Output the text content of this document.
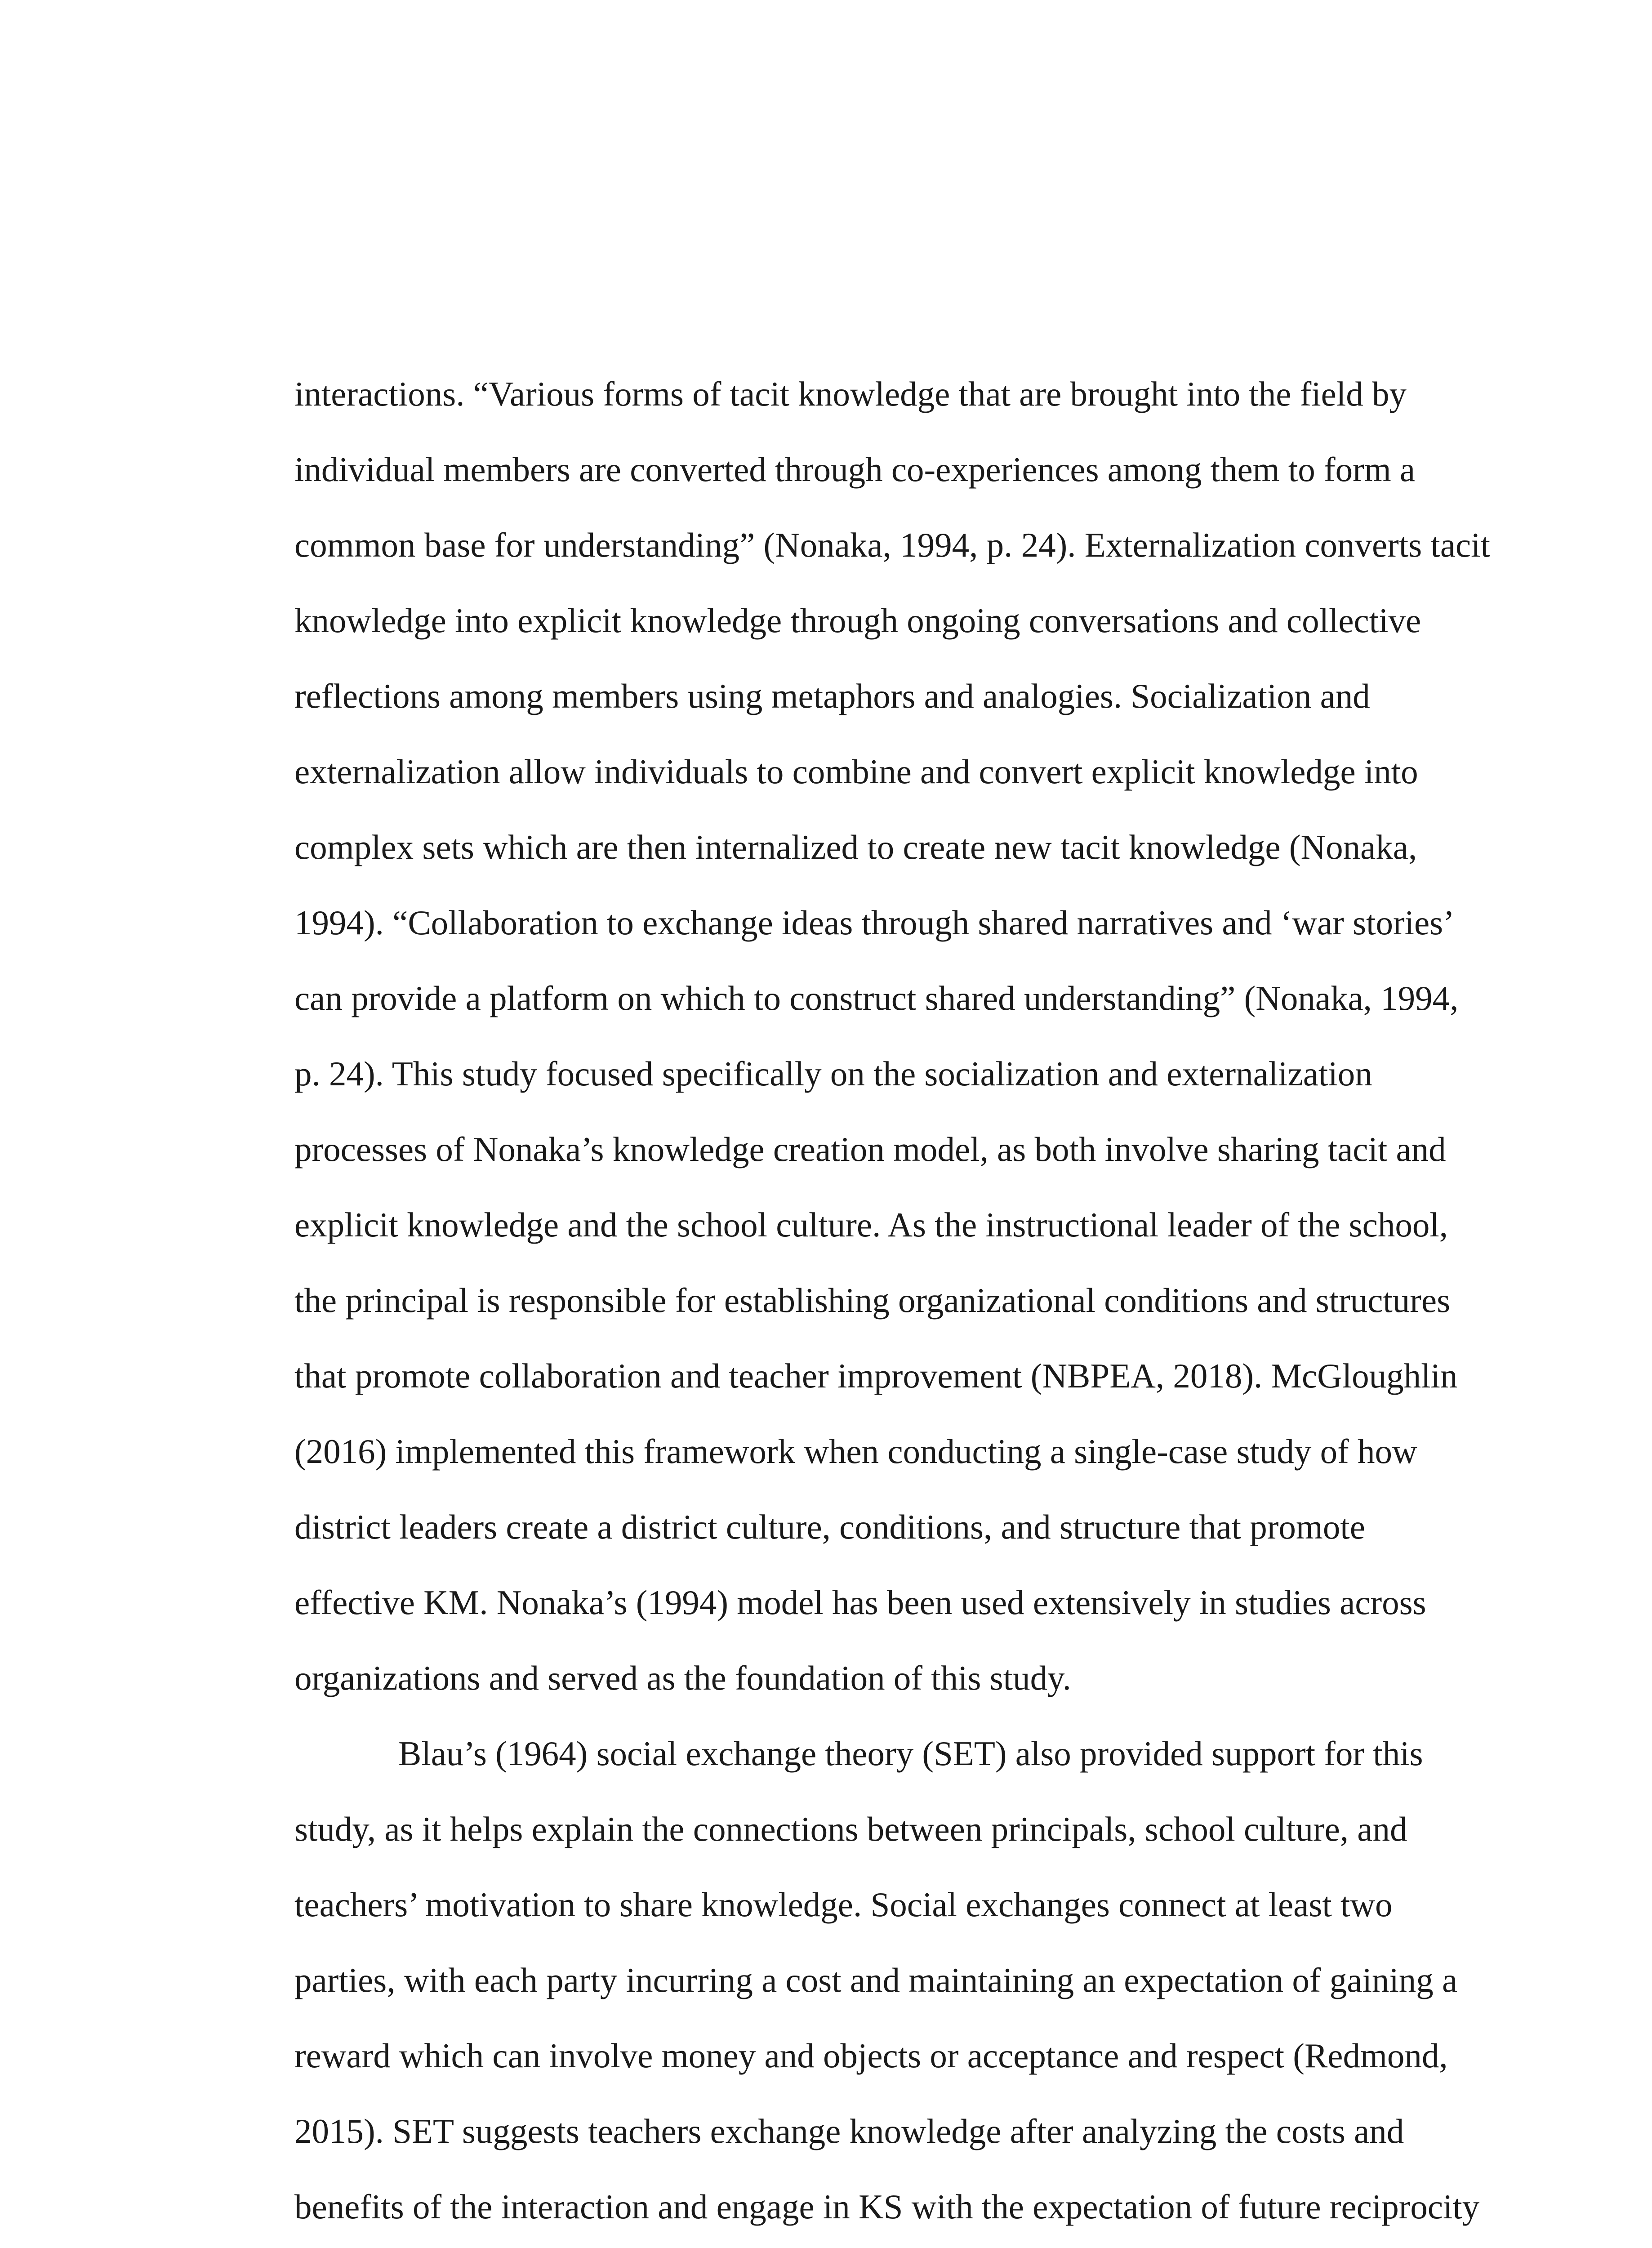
interactions. “Various forms of tacit knowledge that are brought into the field by
individual members are converted through co-experiences among them to form a
common base for understanding” (Nonaka, 1994, p. 24). Externalization converts tacit
knowledge into explicit knowledge through ongoing conversations and collective
reflections among members using metaphors and analogies. Socialization and
externalization allow individuals to combine and convert explicit knowledge into
complex sets which are then internalized to create new tacit knowledge (Nonaka,
1994). “Collaboration to exchange ideas through shared narratives and ‘war stories’
can provide a platform on which to construct shared understanding” (Nonaka, 1994,
p. 24). This study focused specifically on the socialization and externalization
processes of Nonaka’s knowledge creation model, as both involve sharing tacit and
explicit knowledge and the school culture. As the instructional leader of the school,
the principal is responsible for establishing organizational conditions and structures
that promote collaboration and teacher improvement (NBPEA, 2018). McGloughlin
(2016) implemented this framework when conducting a single-case study of how
district leaders create a district culture, conditions, and structure that promote
effective KM. Nonaka’s (1994) model has been used extensively in studies across
organizations and served as the foundation of this study.
Blau’s (1964) social exchange theory (SET) also provided support for this
study, as it helps explain the connections between principals, school culture, and
teachers’ motivation to share knowledge. Social exchanges connect at least two
parties, with each party incurring a cost and maintaining an expectation of gaining a
reward which can involve money and objects or acceptance and respect (Redmond,
2015). SET suggests teachers exchange knowledge after analyzing the costs and
benefits of the interaction and engage in KS with the expectation of future reciprocity
